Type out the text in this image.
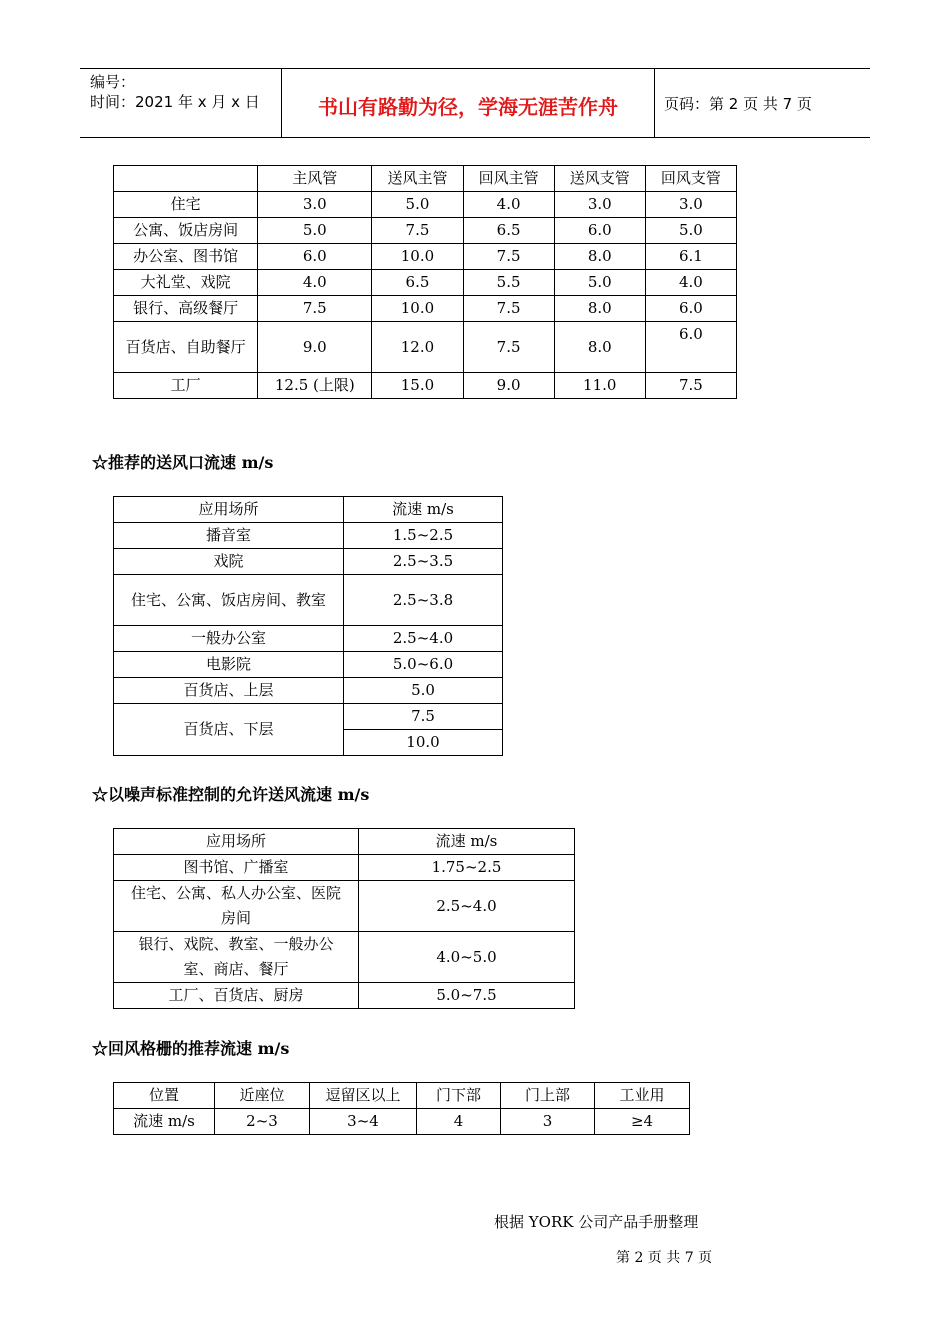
编号：
时间：2021 年 x 月 x 日	书山有路勤为径，学海无涯苦作舟	页码：第 2 页 共 7 页
	主风管	送风主管	回风主管	送风支管	回风支管
住宅	3.0	5.0	4.0	3.0	3.0
公寓、饭店房间	5.0	7.5	6.5	6.0	5.0
办公室、图书馆	6.0	10.0	7.5	8.0	6.1
大礼堂、戏院	4.0	6.5	5.5	5.0	4.0
银行、高级餐厅	7.5	10.0	7.5	8.0	6.0
百货店、自助餐厅	9.0	12.0	7.5	8.0	6.0
工厂	12.5 (上限)	15.0	9.0	11.0	7.5
☆推荐的送风口流速 m/s
应用场所	流速 m/s
播音室	1.5~2.5
戏院	2.5~3.5
住宅、公寓、饭店房间、教室	2.5~3.8
一般办公室	2.5~4.0
电影院	5.0~6.0
百货店、上层	5.0
百货店、下层	7.5
	10.0
☆以噪声标准控制的允许送风流速 m/s
应用场所	流速 m/s
图书馆、广播室	1.75~2.5
住宅、公寓、私人办公室、医院房间	2.5~4.0
银行、戏院、教室、一般办公室、商店、餐厅	4.0~5.0
工厂、百货店、厨房	5.0~7.5
☆回风格栅的推荐流速 m/s
位置	近座位	逗留区以上	门下部	门上部	工业用
流速 m/s	2~3	3~4	4	3	≥4
根据 YORK 公司产品手册整理
第 2 页 共 7 页
